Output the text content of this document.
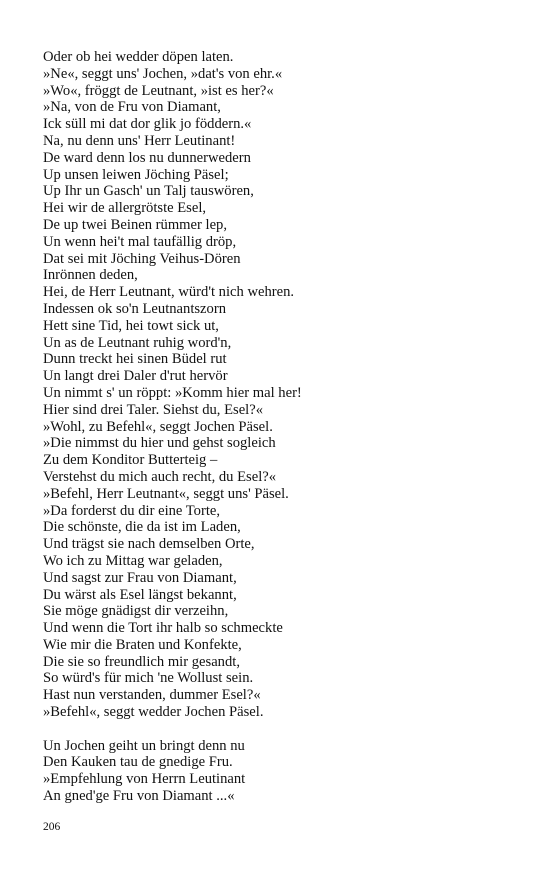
Oder ob hei wedder döpen laten.
»Ne«, seggt uns' Jochen, »dat's von ehr.«
»Wo«, fröggt de Leutnant, »ist es her?«
»Na, von de Fru von Diamant,
Ick süll mi dat dor glik jo föddern.«
Na, nu denn uns' Herr Leutinant!
De ward denn los nu dunnerwedern
Up unsen leiwen Jöching Päsel;
Up Ihr un Gasch' un Talj tauswören,
Hei wir de allergrötste Esel,
De up twei Beinen rümmer lep,
Un wenn hei't mal taufällig dröp,
Dat sei mit Jöching Veihus-Dören
Inrönnen deden,
Hei, de Herr Leutnant, würd't nich wehren.
Indessen ok so'n Leutnantszorn
Hett sine Tid, hei towt sick ut,
Un as de Leutnant ruhig word'n,
Dunn treckt hei sinen Büdel rut
Un langt drei Daler d'rut hervör
Un nimmt s' un röppt: »Komm hier mal her!
Hier sind drei Taler. Siehst du, Esel?«
»Wohl, zu Befehl«, seggt Jochen Päsel.
»Die nimmst du hier und gehst sogleich
Zu dem Konditor Butterteig –
Verstehst du mich auch recht, du Esel?«
»Befehl, Herr Leutnant«, seggt uns' Päsel.
»Da forderst du dir eine Torte,
Die schönste, die da ist im Laden,
Und trägst sie nach demselben Orte,
Wo ich zu Mittag war geladen,
Und sagst zur Frau von Diamant,
Du wärst als Esel längst bekannt,
Sie möge gnädigst dir verzeihn,
Und wenn die Tort ihr halb so schmeckte
Wie mir die Braten und Konfekte,
Die sie so freundlich mir gesandt,
So würd's für mich 'ne Wollust sein.
Hast nun verstanden, dummer Esel?«
»Befehl«, seggt wedder Jochen Päsel.
Un Jochen geiht un bringt denn nu
Den Kauken tau de gnedige Fru.
»Empfehlung von Herrn Leutinant
An gned'ge Fru von Diamant ...«
206
